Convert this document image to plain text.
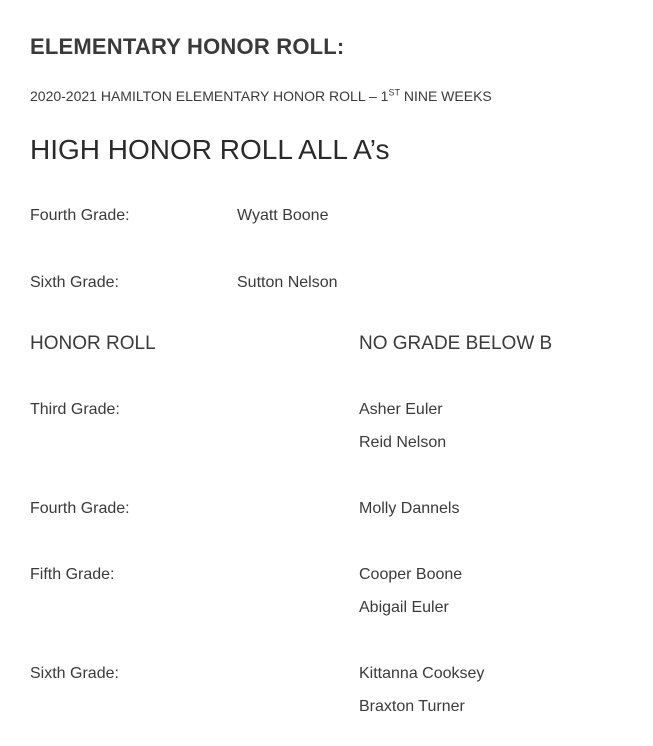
ELEMENTARY HONOR ROLL:
2020-2021 HAMILTON ELEMENTARY HONOR ROLL – 1ST NINE WEEKS
HIGH HONOR ROLL ALL A’s
Fourth Grade:	Wyatt Boone
Sixth Grade:	Sutton Nelson
HONOR ROLL	NO GRADE BELOW B
Third Grade:	Asher Euler
Reid Nelson
Fourth Grade:	Molly Dannels
Fifth Grade:	Cooper Boone
Abigail Euler
Sixth Grade:	Kittanna Cooksey
Braxton Turner
